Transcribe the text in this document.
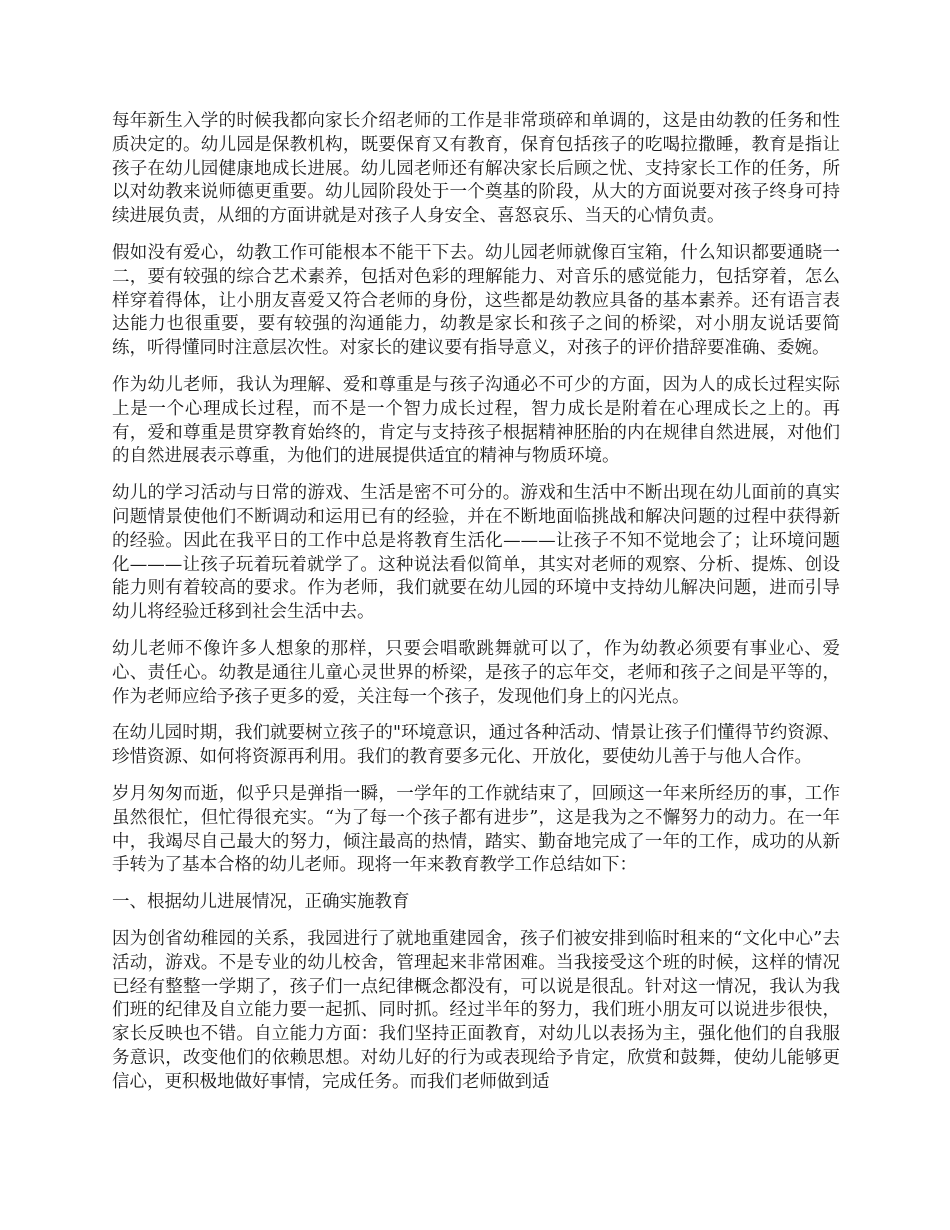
每年新生入学的时候我都向家长介绍老师的工作是非常琐碎和单调的，这是由幼教的任务和性质决定的。幼儿园是保教机构，既要保育又有教育，保育包括孩子的吃喝拉撒睡，教育是指让孩子在幼儿园健康地成长进展。幼儿园老师还有解决家长后顾之忧、支持家长工作的任务，所以对幼教来说师德更重要。幼儿园阶段处于一个奠基的阶段，从大的方面说要对孩子终身可持续进展负责，从细的方面讲就是对孩子人身安全、喜怒哀乐、当天的心情负责。

假如没有爱心，幼教工作可能根本不能干下去。幼儿园老师就像百宝箱，什么知识都要通晓一二，要有较强的综合艺术素养，包括对色彩的理解能力、对音乐的感觉能力，包括穿着，怎么样穿着得体，让小朋友喜爱又符合老师的身份，这些都是幼教应具备的基本素养。还有语言表达能力也很重要，要有较强的沟通能力，幼教是家长和孩子之间的桥梁，对小朋友说话要简练，听得懂同时注意层次性。对家长的建议要有指导意义，对孩子的评价措辞要准确、委婉。

作为幼儿老师，我认为理解、爱和尊重是与孩子沟通必不可少的方面，因为人的成长过程实际上是一个心理成长过程，而不是一个智力成长过程，智力成长是附着在心理成长之上的。再有，爱和尊重是贯穿教育始终的，肯定与支持孩子根据精神胚胎的内在规律自然进展，对他们的自然进展表示尊重，为他们的进展提供适宜的精神与物质环境。

幼儿的学习活动与日常的游戏、生活是密不可分的。游戏和生活中不断出现在幼儿面前的真实问题情景使他们不断调动和运用已有的经验，并在不断地面临挑战和解决问题的过程中获得新的经验。因此在我平日的工作中总是将教育生活化———让孩子不知不觉地会了；让环境问题化———让孩子玩着玩着就学了。这种说法看似简单，其实对老师的观察、分析、提炼、创设能力则有着较高的要求。作为老师，我们就要在幼儿园的环境中支持幼儿解决问题，进而引导幼儿将经验迁移到社会生活中去。

幼儿老师不像许多人想象的那样，只要会唱歌跳舞就可以了，作为幼教必须要有事业心、爱心、责任心。幼教是通往儿童心灵世界的桥梁，是孩子的忘年交，老师和孩子之间是平等的，作为老师应给予孩子更多的爱，关注每一个孩子，发现他们身上的闪光点。

在幼儿园时期，我们就要树立孩子的"环境意识，通过各种活动、情景让孩子们懂得节约资源、珍惜资源、如何将资源再利用。我们的教育要多元化、开放化，要使幼儿善于与他人合作。

岁月匆匆而逝，似乎只是弹指一瞬，一学年的工作就结束了，回顾这一年来所经历的事，工作虽然很忙，但忙得很充实。“为了每一个孩子都有进步”，这是我为之不懈努力的动力。在一年中，我竭尽自己最大的努力，倾注最高的热情，踏实、勤奋地完成了一年的工作，成功的从新手转为了基本合格的幼儿老师。现将一年来教育教学工作总结如下：

一、根据幼儿进展情况，正确实施教育

因为创省幼稚园的关系，我园进行了就地重建园舍，孩子们被安排到临时租来的“文化中心”去活动，游戏。不是专业的幼儿校舍，管理起来非常困难。当我接受这个班的时候，这样的情况已经有整整一学期了，孩子们一点纪律概念都没有，可以说是很乱。针对这一情况，我认为我们班的纪律及自立能力要一起抓、同时抓。经过半年的努力，我们班小朋友可以说进步很快，家长反映也不错。自立能力方面：我们坚持正面教育，对幼儿以表扬为主，强化他们的自我服务意识，改变他们的依赖思想。对幼儿好的行为或表现给予肯定，欣赏和鼓舞，使幼儿能够更信心，更积极地做好事情，完成任务。而我们老师做到适
